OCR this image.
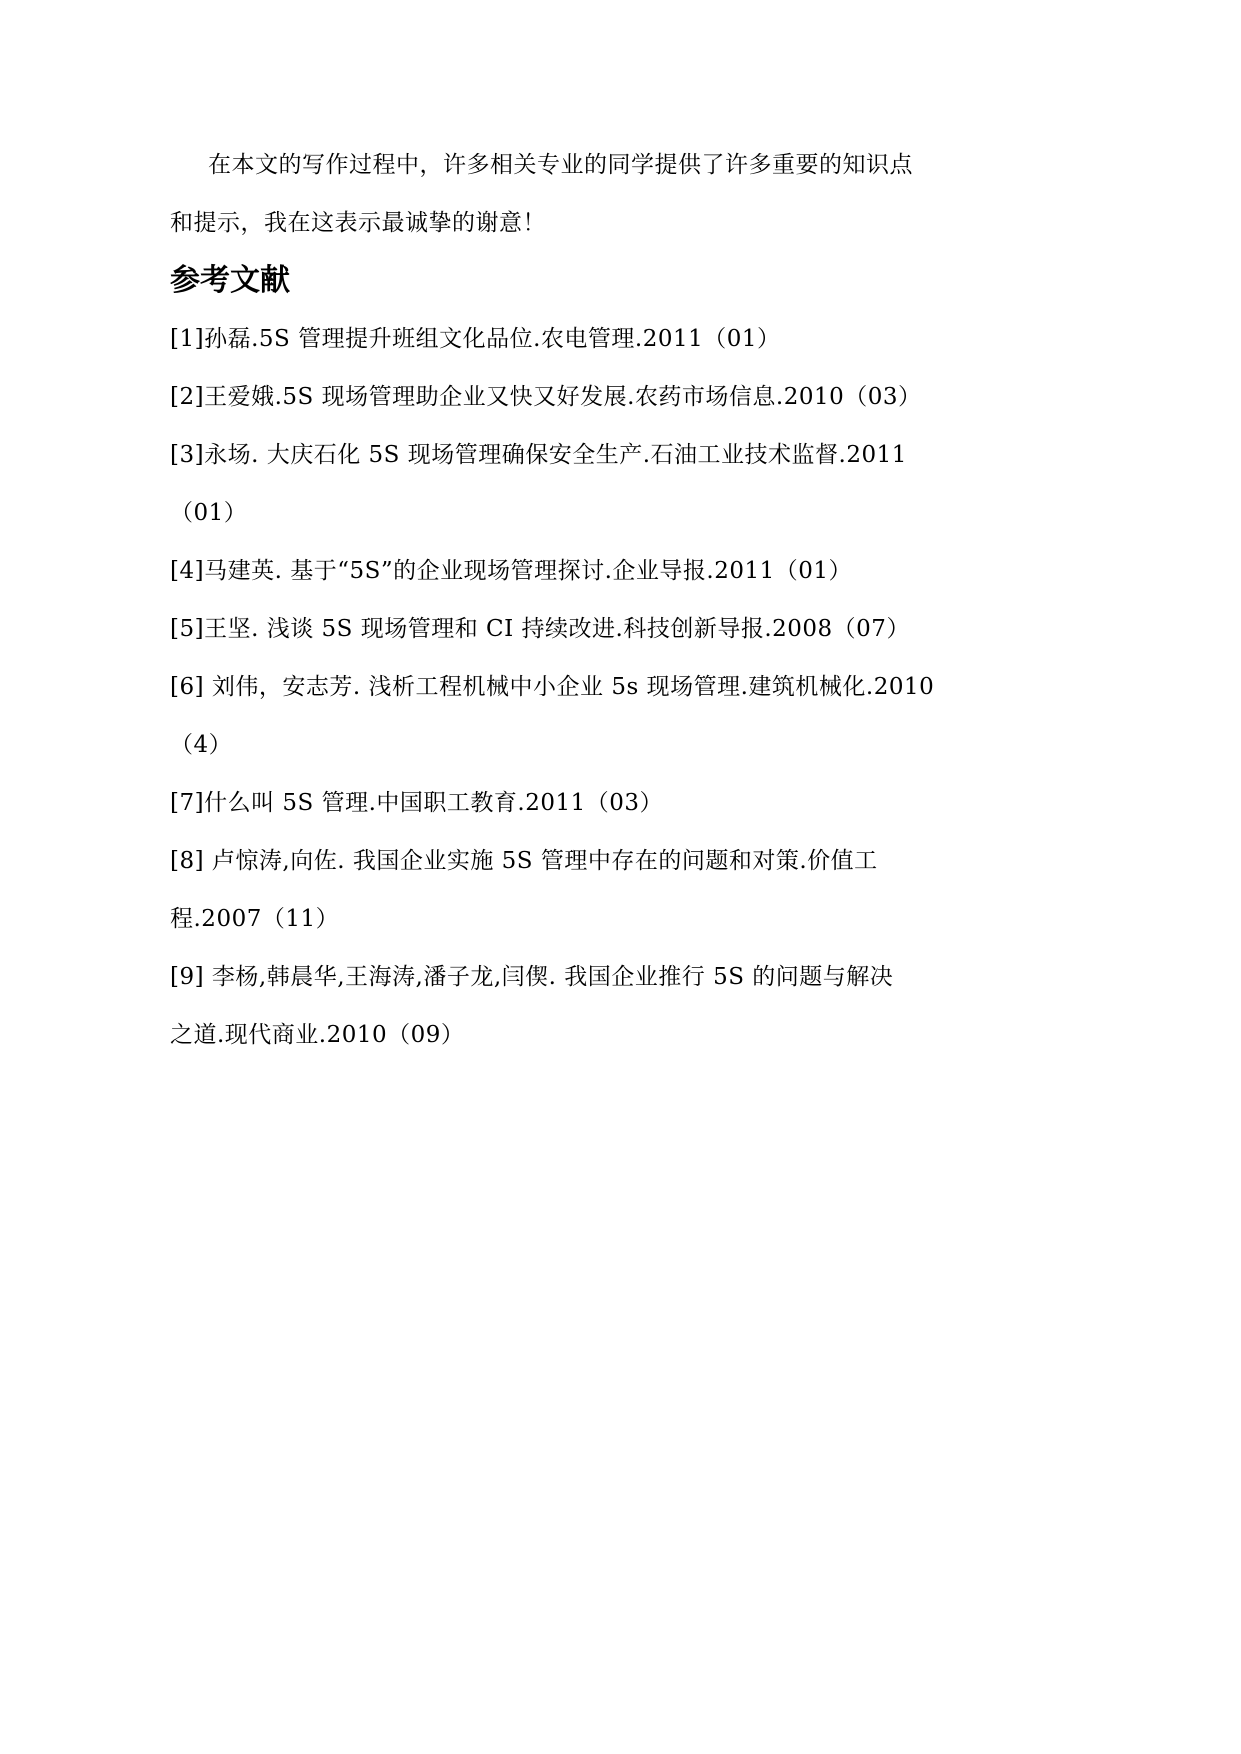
在本文的写作过程中，许多相关专业的同学提供了许多重要的知识点
和提示，我在这表示最诚挚的谢意！
参考文献
[1]孙磊.5S 管理提升班组文化品位.农电管理.2011（01）
[2]王爱娥.5S 现场管理助企业又快又好发展.农药市场信息.2010（03）
[3]永场. 大庆石化 5S 现场管理确保安全生产.石油工业技术监督.2011
（01）
[4]马建英. 基于“5S”的企业现场管理探讨.企业导报.2011（01）
[5]王坚. 浅谈 5S 现场管理和 CI 持续改进.科技创新导报.2008（07）
[6] 刘伟，安志芳. 浅析工程机械中小企业 5s 现场管理.建筑机械化.2010
（4）
[7]什么叫 5S 管理.中国职工教育.2011（03）
[8] 卢惊涛,向佐. 我国企业实施 5S 管理中存在的问题和对策.价值工
程.2007（11）
[9] 李杨,韩晨华,王海涛,潘子龙,闫偰. 我国企业推行 5S 的问题与解决
之道.现代商业.2010（09）
